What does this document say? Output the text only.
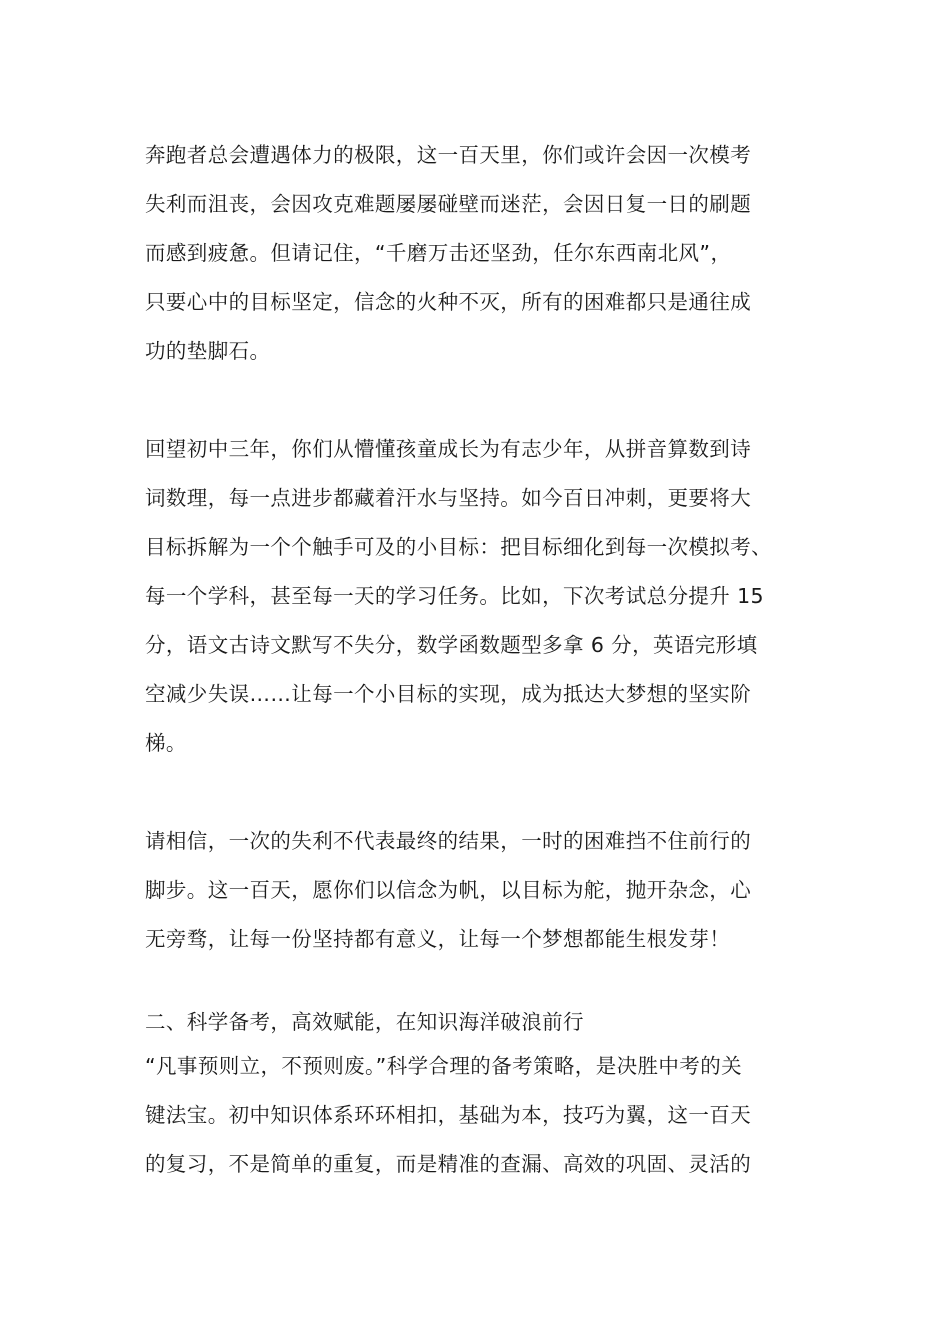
奔跑者总会遭遇体力的极限，这一百天里，你们或许会因一次模考
失利而沮丧，会因攻克难题屡屡碰壁而迷茫，会因日复一日的刷题
而感到疲惫。但请记住，“千磨万击还坚劲，任尔东西南北风”，
只要心中的目标坚定，信念的火种不灭，所有的困难都只是通往成
功的垫脚石。

回望初中三年，你们从懵懂孩童成长为有志少年，从拼音算数到诗
词数理，每一点进步都藏着汗水与坚持。如今百日冲刺，更要将大
目标拆解为一个个触手可及的小目标：把目标细化到每一次模拟考、
每一个学科，甚至每一天的学习任务。比如，下次考试总分提升 15
分，语文古诗文默写不失分，数学函数题型多拿 6 分，英语完形填
空减少失误……让每一个小目标的实现，成为抵达大梦想的坚实阶
梯。

请相信，一次的失利不代表最终的结果，一时的困难挡不住前行的
脚步。这一百天，愿你们以信念为帆，以目标为舵，抛开杂念，心
无旁骛，让每一份坚持都有意义，让每一个梦想都能生根发芽！

二、科学备考，高效赋能，在知识海洋破浪前行

“凡事预则立，不预则废。”科学合理的备考策略，是决胜中考的关
键法宝。初中知识体系环环相扣，基础为本，技巧为翼，这一百天
的复习，不是简单的重复，而是精准的查漏、高效的巩固、灵活的
